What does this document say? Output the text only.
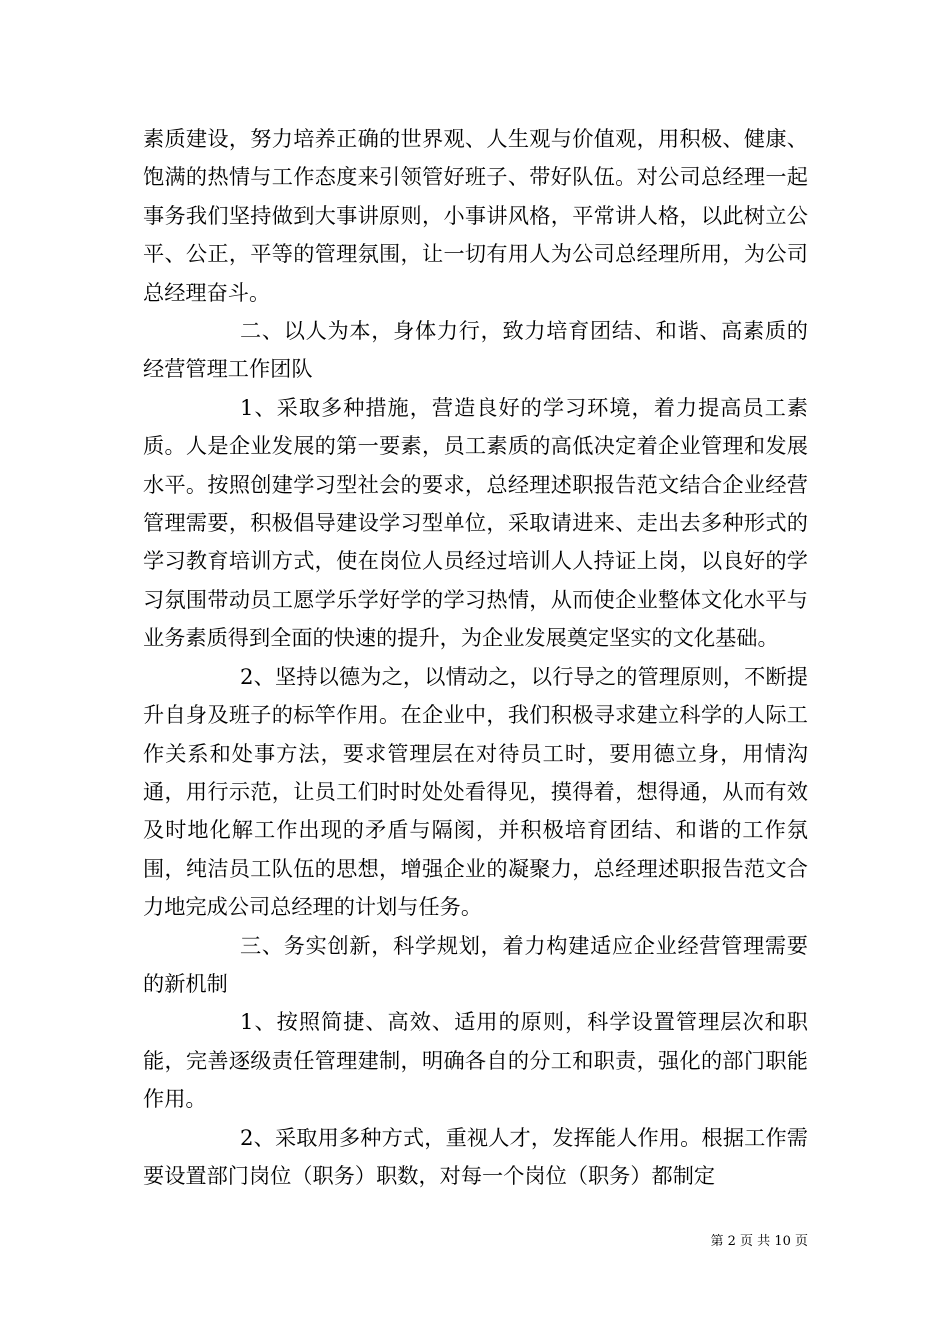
素质建设，努力培养正确的世界观、人生观与价值观，用积极、健康、饱满的热情与工作态度来引领管好班子、带好队伍。对公司总经理一起事务我们坚持做到大事讲原则，小事讲风格，平常讲人格，以此树立公平、公正，平等的管理氛围，让一切有用人为公司总经理所用，为公司总经理奋斗。

二、以人为本，身体力行，致力培育团结、和谐、高素质的经营管理工作团队

1、采取多种措施，营造良好的学习环境，着力提高员工素质。人是企业发展的第一要素，员工素质的高低决定着企业管理和发展水平。按照创建学习型社会的要求，总经理述职报告范文结合企业经营管理需要，积极倡导建设学习型单位，采取请进来、走出去多种形式的学习教育培训方式，使在岗位人员经过培训人人持证上岗，以良好的学习氛围带动员工愿学乐学好学的学习热情，从而使企业整体文化水平与业务素质得到全面的快速的提升，为企业发展奠定坚实的文化基础。

2、坚持以德为之，以情动之，以行导之的管理原则，不断提升自身及班子的标竿作用。在企业中，我们积极寻求建立科学的人际工作关系和处事方法，要求管理层在对待员工时，要用德立身，用情沟通，用行示范，让员工们时时处处看得见，摸得着，想得通，从而有效及时地化解工作出现的矛盾与隔阂，并积极培育团结、和谐的工作氛围，纯洁员工队伍的思想，增强企业的凝聚力，总经理述职报告范文合力地完成公司总经理的计划与任务。

三、务实创新，科学规划，着力构建适应企业经营管理需要的新机制

1、按照简捷、高效、适用的原则，科学设置管理层次和职能，完善逐级责任管理建制，明确各自的分工和职责，强化的部门职能作用。

2、采取用多种方式，重视人才，发挥能人作用。根据工作需要设置部门岗位（职务）职数，对每一个岗位（职务）都制定

第 2 页 共 10 页
